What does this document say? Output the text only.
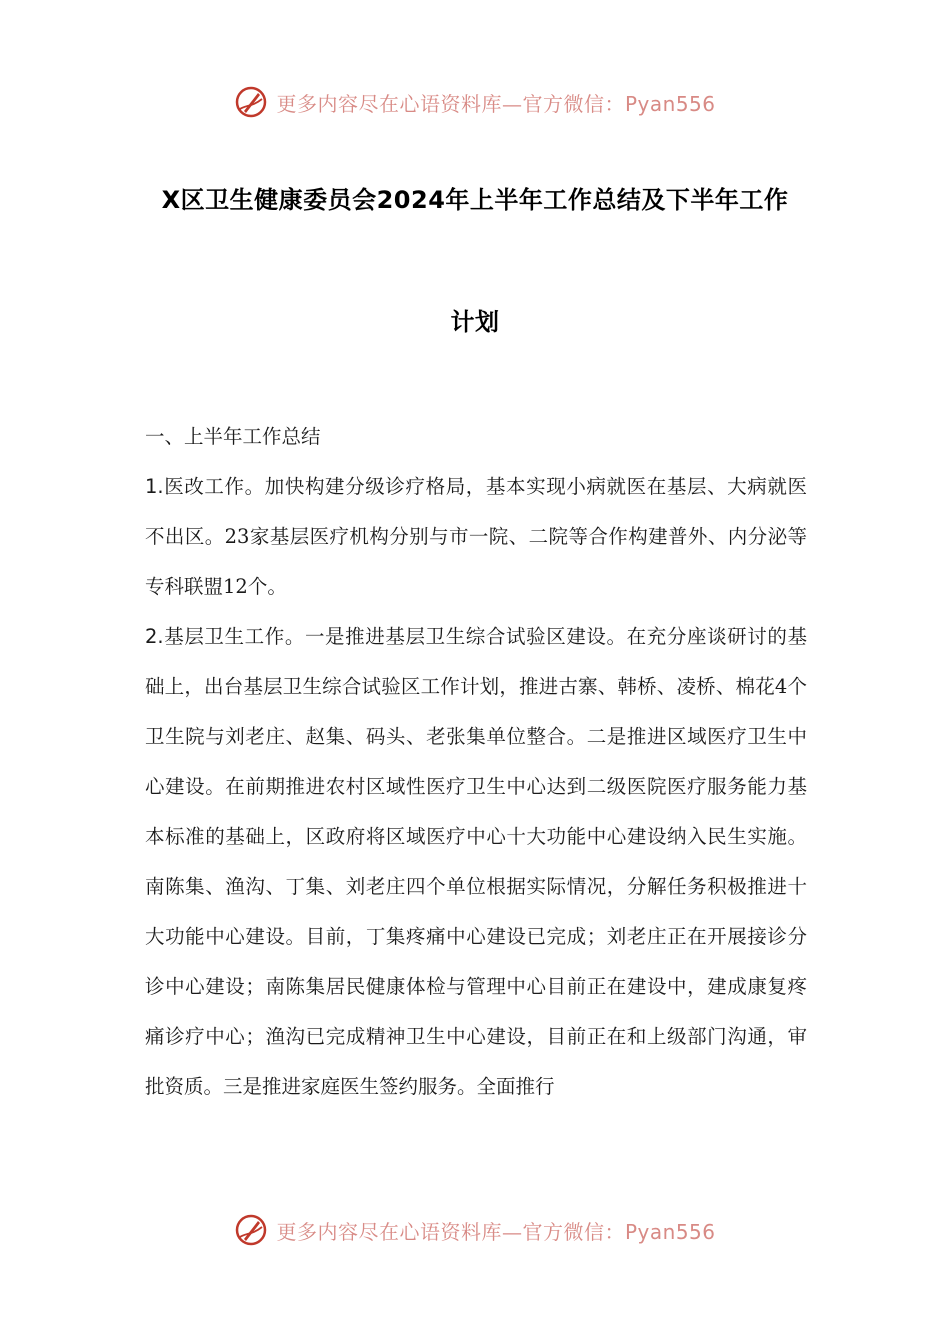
更多内容尽在心语资料库—官方微信：Pyan556
X区卫生健康委员会2024年上半年工作总结及下半年工作
计划

一、上半年工作总结

1.医改工作。加快构建分级诊疗格局，基本实现小病就医在基层、大病就医不出区。23家基层医疗机构分别与市一院、二院等合作构建普外、内分泌等专科联盟12个。

2.基层卫生工作。一是推进基层卫生综合试验区建设。在充分座谈研讨的基础上，出台基层卫生综合试验区工作计划，推进古寨、韩桥、凌桥、棉花4个卫生院与刘老庄、赵集、码头、老张集单位整合。二是推进区域医疗卫生中心建设。在前期推进农村区域性医疗卫生中心达到二级医院医疗服务能力基本标准的基础上，区政府将区域医疗中心十大功能中心建设纳入民生实施。南陈集、渔沟、丁集、刘老庄四个单位根据实际情况，分解任务积极推进十大功能中心建设。目前，丁集疼痛中心建设已完成；刘老庄正在开展接诊分诊中心建设；南陈集居民健康体检与管理中心目前正在建设中，建成康复疼痛诊疗中心；渔沟已完成精神卫生中心建设，目前正在和上级部门沟通，审批资质。三是推进家庭医生签约服务。全面推行

更多内容尽在心语资料库—官方微信：Pyan556
